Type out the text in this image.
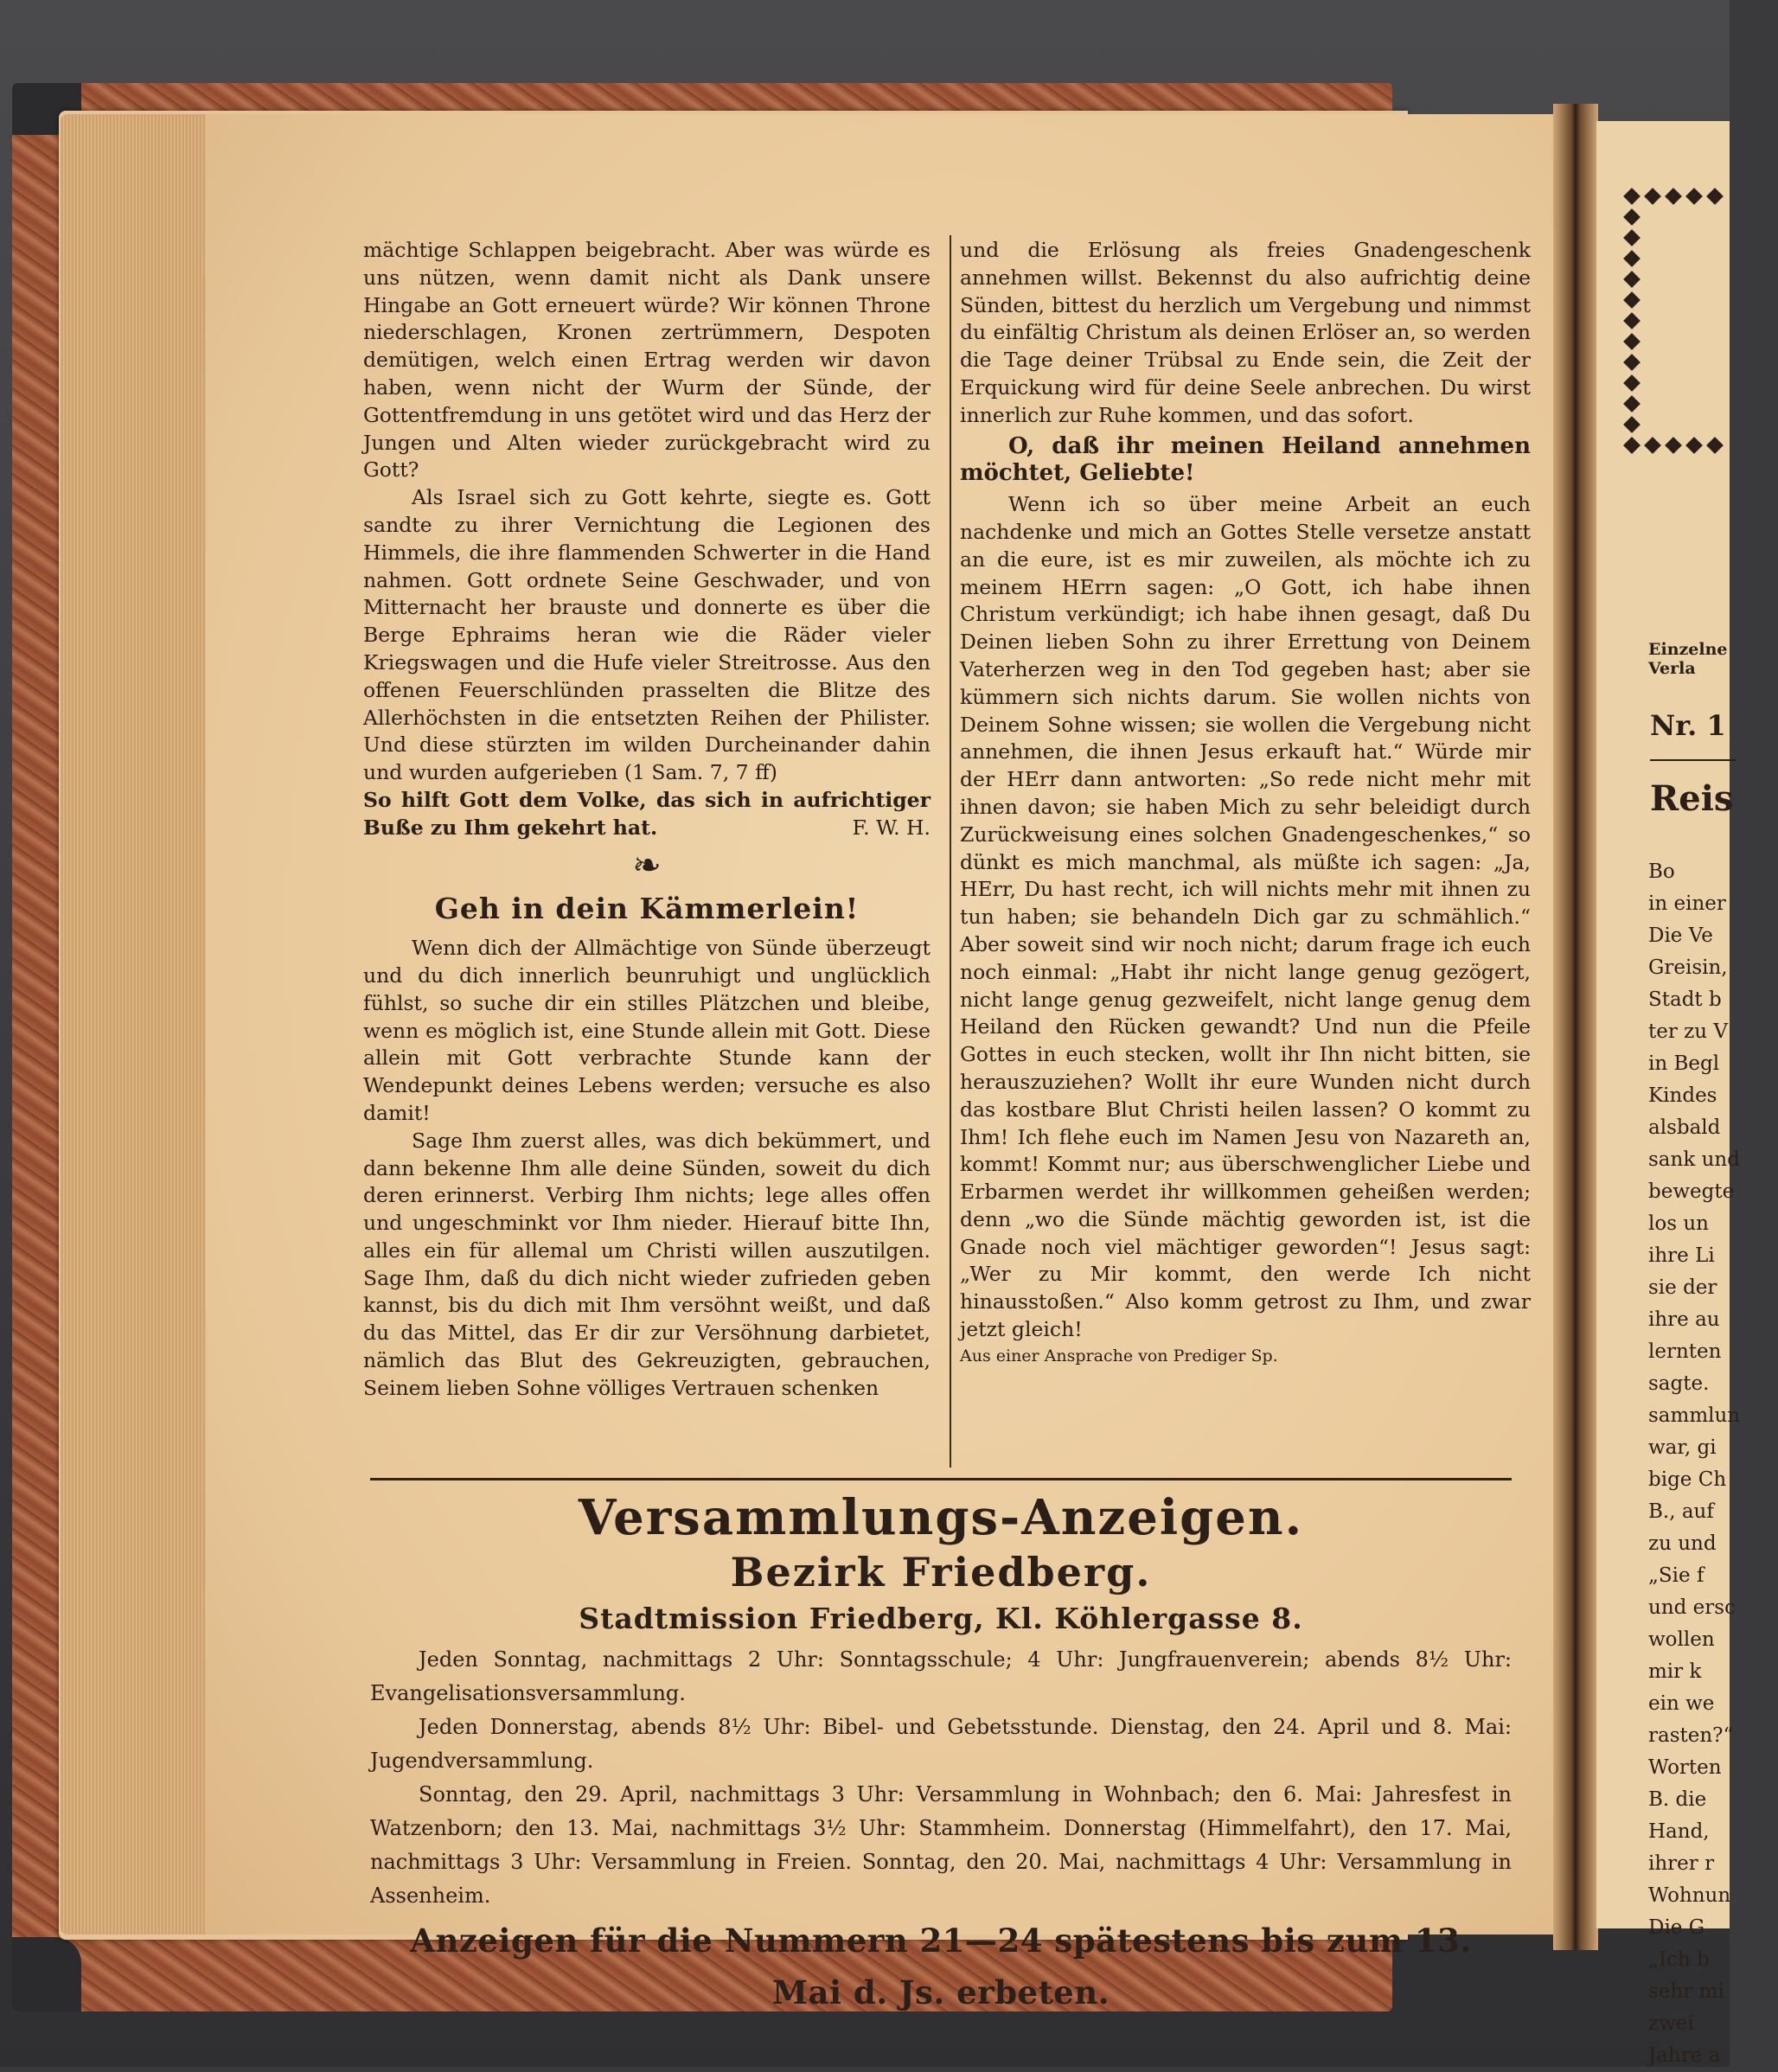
mächtige Schlappen beigebracht. Aber was würde es uns nützen, wenn damit nicht als Dank unsere Hingabe an Gott erneuert würde? Wir können Throne niederschlagen, Kronen zertrümmern, Despoten demütigen, welch einen Ertrag werden wir davon haben, wenn nicht der Wurm der Sünde, der Gottentfremdung in uns getötet wird und das Herz der Jungen und Alten wieder zurückgebracht wird zu Gott?

Als Israel sich zu Gott kehrte, siegte es. Gott sandte zu ihrer Vernichtung die Legionen des Himmels, die ihre flammenden Schwerter in die Hand nahmen. Gott ordnete Seine Geschwader, und von Mitternacht her brauste und donnerte es über die Berge Ephraims heran wie die Räder vieler Kriegswagen und die Hufe vieler Streitrosse. Aus den offenen Feuerschlünden prasselten die Blitze des Allerhöchsten in die entsetzten Reihen der Philister. Und diese stürzten im wilden Durcheinander dahin und wurden aufgerieben (1 Sam. 7, 7 ff)

So hilft Gott dem Volke, das sich in aufrichtiger Buße zu Ihm gekehrt hat.	F. W. H.

❧
Geh in dein Kämmerlein!

Wenn dich der Allmächtige von Sünde überzeugt und du dich innerlich beunruhigt und unglücklich fühlst, so suche dir ein stilles Plätzchen und bleibe, wenn es möglich ist, eine Stunde allein mit Gott. Diese allein mit Gott verbrachte Stunde kann der Wendepunkt deines Lebens werden; versuche es also damit!

Sage Ihm zuerst alles, was dich bekümmert, und dann bekenne Ihm alle deine Sünden, soweit du dich deren erinnerst. Verbirg Ihm nichts; lege alles offen und ungeschminkt vor Ihm nieder. Hierauf bitte Ihn, alles ein für allemal um Christi willen auszutilgen. Sage Ihm, daß du dich nicht wieder zufrieden geben kannst, bis du dich mit Ihm versöhnt weißt, und daß du das Mittel, das Er dir zur Versöhnung darbietet, nämlich das Blut des Gekreuzigten, gebrauchen, Seinem lieben Sohne völliges Vertrauen schenken

und die Erlösung als freies Gnadengeschenk annehmen willst. Bekennst du also aufrichtig deine Sünden, bittest du herzlich um Vergebung und nimmst du einfältig Christum als deinen Erlöser an, so werden die Tage deiner Trübsal zu Ende sein, die Zeit der Erquickung wird für deine Seele anbrechen. Du wirst innerlich zur Ruhe kommen, und das sofort.

O, daß ihr meinen Heiland annehmen möchtet, Geliebte!

Wenn ich so über meine Arbeit an euch nachdenke und mich an Gottes Stelle versetze anstatt an die eure, ist es mir zuweilen, als möchte ich zu meinem HErrn sagen: „O Gott, ich habe ihnen Christum verkündigt; ich habe ihnen gesagt, daß Du Deinen lieben Sohn zu ihrer Errettung von Deinem Vaterherzen weg in den Tod gegeben hast; aber sie kümmern sich nichts darum. Sie wollen nichts von Deinem Sohne wissen; sie wollen die Vergebung nicht annehmen, die ihnen Jesus erkauft hat.“ Würde mir der HErr dann antworten: „So rede nicht mehr mit ihnen davon; sie haben Mich zu sehr beleidigt durch Zurückweisung eines solchen Gnadengeschenkes,“ so dünkt es mich manchmal, als müßte ich sagen: „Ja, HErr, Du hast recht, ich will nichts mehr mit ihnen zu tun haben; sie behandeln Dich gar zu schmählich.“ Aber soweit sind wir noch nicht; darum frage ich euch noch einmal: „Habt ihr nicht lange genug gezögert, nicht lange genug gezweifelt, nicht lange genug dem Heiland den Rücken gewandt? Und nun die Pfeile Gottes in euch stecken, wollt ihr Ihn nicht bitten, sie herauszuziehen? Wollt ihr eure Wunden nicht durch das kostbare Blut Christi heilen lassen? O kommt zu Ihm! Ich flehe euch im Namen Jesu von Nazareth an, kommt! Kommt nur; aus überschwenglicher Liebe und Erbarmen werdet ihr willkommen geheißen werden; denn „wo die Sünde mächtig geworden ist, ist die Gnade noch viel mächtiger geworden“! Jesus sagt: „Wer zu Mir kommt, den werde Ich nicht hinausstoßen.“ Also komm getrost zu Ihm, und zwar jetzt gleich!

Aus einer Ansprache von Prediger Sp.

Versammlungs-Anzeigen.
Bezirk Friedberg.
Stadtmission Friedberg, Kl. Köhlergasse 8.

Jeden Sonntag, nachmittags 2 Uhr: Sonntagsschule; 4 Uhr: Jungfrauenverein; abends 8½ Uhr: Evangelisationsversammlung.

Jeden Donnerstag, abends 8½ Uhr: Bibel- und Gebetsstunde. Dienstag, den 24. April und 8. Mai: Jugendversammlung.

Sonntag, den 29. April, nachmittags 3 Uhr: Versammlung in Wohnbach; den 6. Mai: Jahresfest in Watzenborn; den 13. Mai, nachmittags 3½ Uhr: Stammheim. Donnerstag (Himmelfahrt), den 17. Mai, nachmittags 3 Uhr: Versammlung in Freien. Sonntag, den 20. Mai, nachmittags 4 Uhr: Versammlung in Assenheim.

Anzeigen für die Nummern 21—24 spätestens bis zum 13. Mai d. Js. erbeten.
Einzelne
Verla
Nr. 1
Reis
Bo
in einer
Die Ve
Greisin,
Stadt b
ter zu V
in Begl
Kindes
alsbald
sank und
bewegte
los un
ihre Li
sie der
ihre au
lernten
sagte.
sammlun
war, gi
bige Ch
B., auf
zu und
„Sie f
und ersc
wollen
mir k
ein we
rasten?“
Worten
B. die
Hand,
ihrer r
Wohnun
Die G
„Ich b
sehr mi
zwei
Jahre a
